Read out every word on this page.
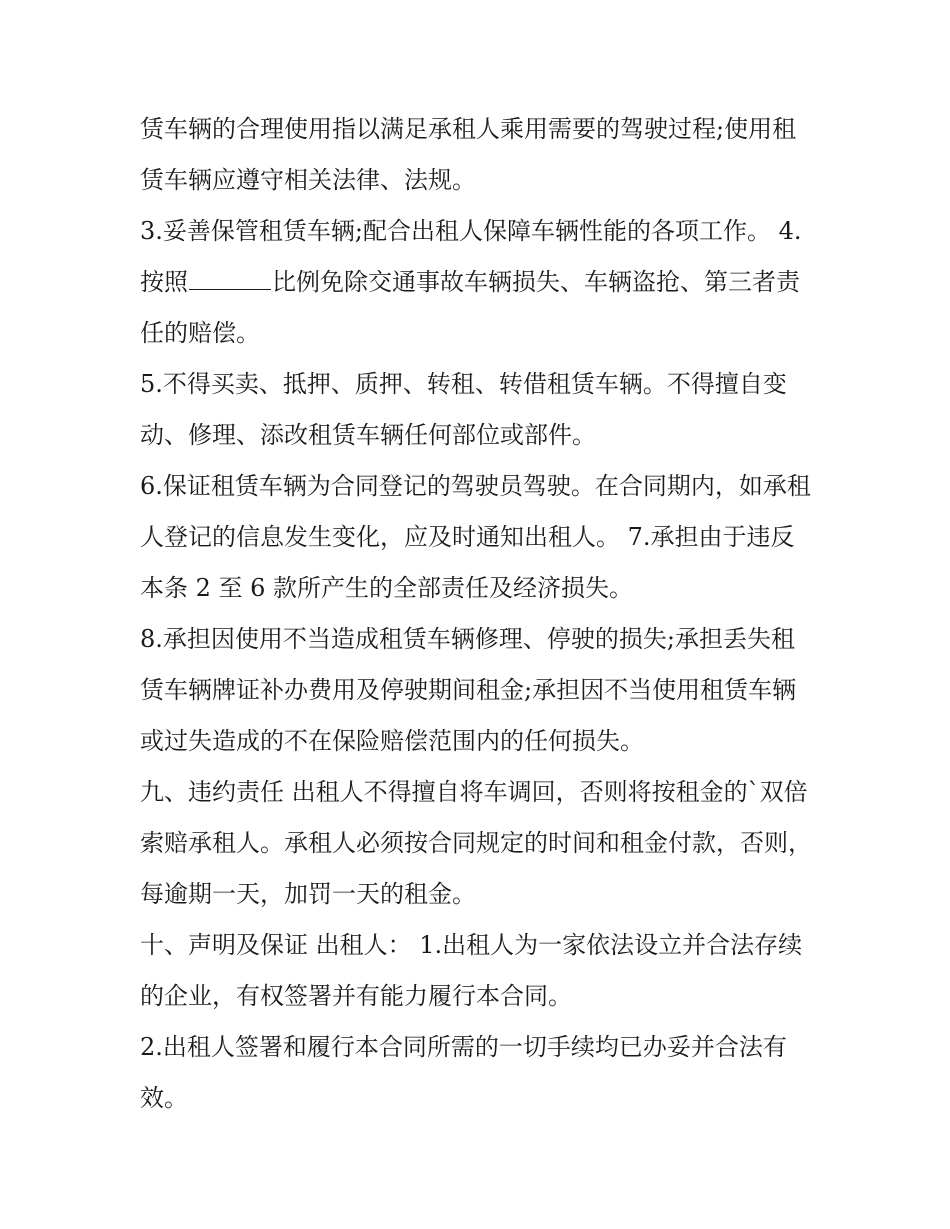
赁车辆的合理使用指以满足承租人乘用需要的驾驶过程;使用租赁车辆应遵守相关法律、法规。

3.妥善保管租赁车辆;配合出租人保障车辆性能的各项工作。 4.按照	比例免除交通事故车辆损失、车辆盗抢、第三者责任的赔偿。

5.不得买卖、抵押、质押、转租、转借租赁车辆。不得擅自变动、修理、添改租赁车辆任何部位或部件。

6.保证租赁车辆为合同登记的驾驶员驾驶。在合同期内，如承租人登记的信息发生变化，应及时通知出租人。 7.承担由于违反本条 2 至 6 款所产生的全部责任及经济损失。

8.承担因使用不当造成租赁车辆修理、停驶的损失;承担丢失租赁车辆牌证补办费用及停驶期间租金;承担因不当使用租赁车辆或过失造成的不在保险赔偿范围内的任何损失。

九、违约责任 出租人不得擅自将车调回，否则将按租金的`双倍索赔承租人。承租人必须按合同规定的时间和租金付款，否则，每逾期一天，加罚一天的租金。

十、声明及保证 出租人： 1.出租人为一家依法设立并合法存续的企业，有权签署并有能力履行本合同。

2.出租人签署和履行本合同所需的一切手续均已办妥并合法有效。
